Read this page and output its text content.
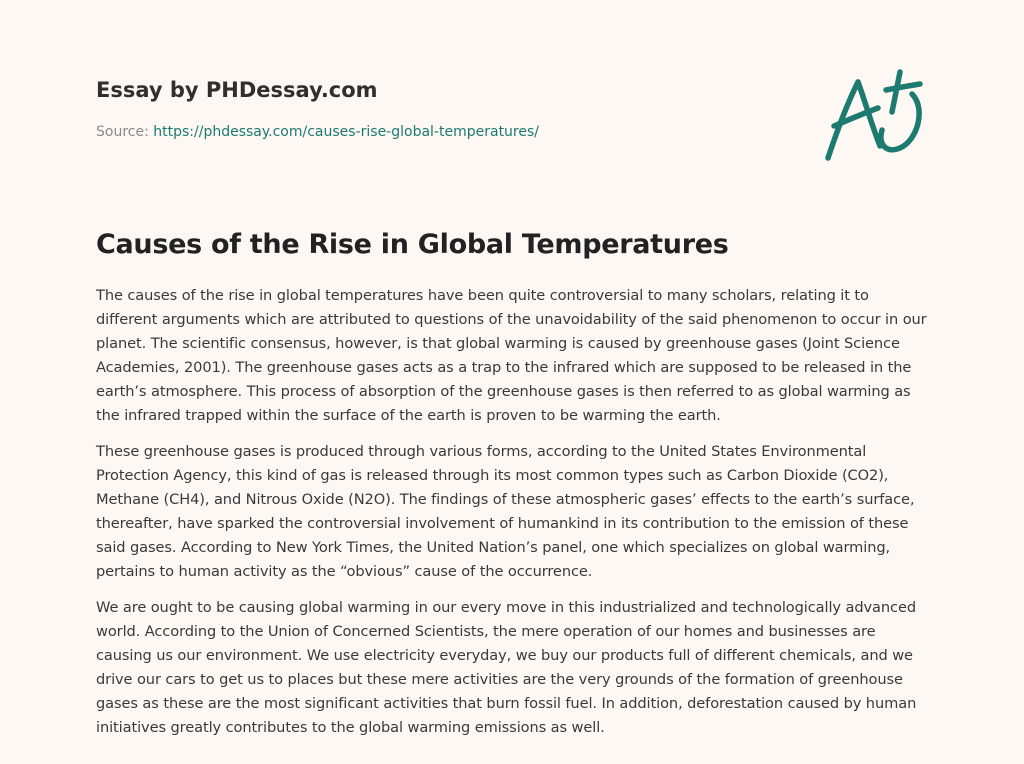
Essay by PHDessay.com
Source: https://phdessay.com/causes-rise-global-temperatures/
Causes of the Rise in Global Temperatures

The causes of the rise in global temperatures have been quite controversial to many scholars, relating it to different arguments which are attributed to questions of the unavoidability of the said phenomenon to occur in our planet. The scientific consensus, however, is that global warming is caused by greenhouse gases (Joint Science Academies, 2001). The greenhouse gases acts as a trap to the infrared which are supposed to be released in the earth’s atmosphere. This process of absorption of the greenhouse gases is then referred to as global warming as the infrared trapped within the surface of the earth is proven to be warming the earth.

These greenhouse gases is produced through various forms, according to the United States Environmental Protection Agency, this kind of gas is released through its most common types such as Carbon Dioxide (CO2), Methane (CH4), and Nitrous Oxide (N2O). The findings of these atmospheric gases’ effects to the earth’s surface, thereafter, have sparked the controversial involvement of humankind in its contribution to the emission of these said gases. According to New York Times, the United Nation’s panel, one which specializes on global warming, pertains to human activity as the “obvious” cause of the occurrence.

We are ought to be causing global warming in our every move in this industrialized and technologically advanced world. According to the Union of Concerned Scientists, the mere operation of our homes and businesses are causing us our environment. We use electricity everyday, we buy our products full of different chemicals, and we drive our cars to get us to places but these mere activities are the very grounds of the formation of greenhouse gases as these are the most significant activities that burn fossil fuel. In addition, deforestation caused by human initiatives greatly contributes to the global warming emissions as well.
